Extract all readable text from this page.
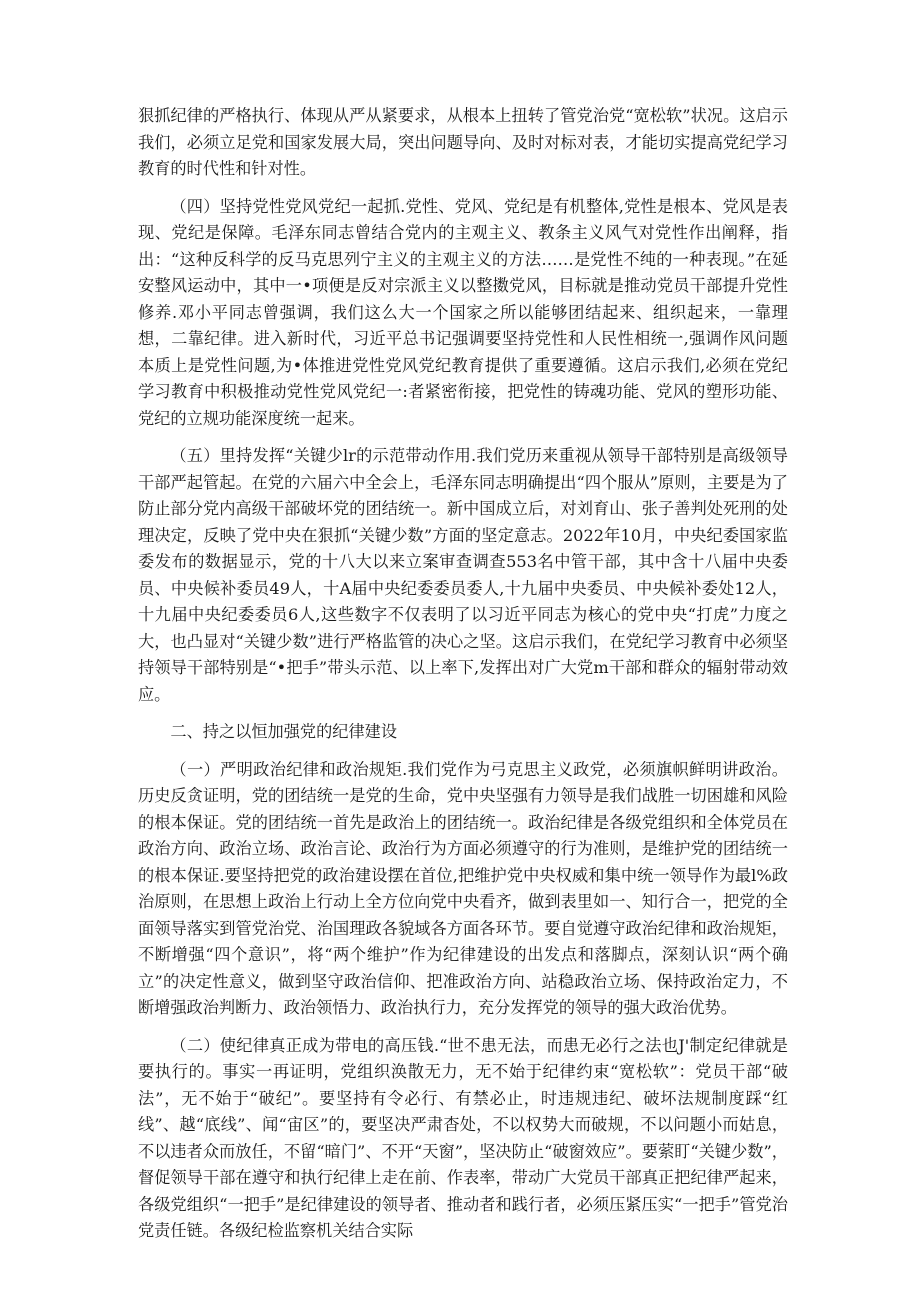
狠抓纪律的严格执行、体现从严从紧要求，从根本上扭转了管党治党“宽松软”状况。这启示我们，必须立足党和国家发展大局，突出问题导向、及时对标对表，才能切实提高党纪学习教育的时代性和针对性。

（四）坚持党性党风党纪一起抓.党性、党风、党纪是有机整体,党性是根本、党风是表现、党纪是保障。毛泽东同志曾结合党内的主观主义、教条主义风气对党性作出阐释，指出：“这种反科学的反马克思列宁主义的主观主义的方法……是党性不纯的一种表现。”在延安整风运动中，其中一•项便是反对宗派主义以整擞党风，目标就是推动党员干部提升党性修养.邓小平同志曾强调，我们这么大一个国家之所以能够团结起来、组织起来，一靠理想，二靠纪律。进入新时代，习近平总书记强调要坚持党性和人民性相统一,强调作风问题本质上是党性问题,为•体推进党性党风党纪教育提供了重要遵循。这启示我们,必须在党纪学习教育中积极推动党性党风党纪一:者紧密衔接，把党性的铸魂功能、党风的塑形功能、党纪的立规功能深度统一起来。

（五）里持发挥“关键少lr的示范带动作用.我们党历来重视从领导干部特别是高级领导干部严起管起。在党的六届六中全会上，毛泽东同志明确提出“四个服从”原则，主要是为了防止部分党内高级干部破坏党的团结统一。新中国成立后，对刘育山、张子善判处死刑的处理决定，反映了党中央在狠抓“关键少数”方面的坚定意志。2022年10月，中央纪委国家监委发布的数据显示，党的十八大以来立案审查调查553名中管干部，其中含十八届中央委员、中央候补委员49人，十A届中央纪委委员委人,十九届中央委员、中央候补委处12人，十九届中央纪委委员6人,这些数字不仅表明了以习近平同志为核心的党中央“打虎”力度之大，也凸显对“关键少数”进行严格监管的决心之坚。这启示我们，在党纪学习教育中必须坚持领导干部特别是“•把手”带头示范、以上率下,发挥出对广大党m干部和群众的辐射带动效应。

二、持之以恒加强党的纪律建设

（一）严明政治纪律和政治规矩.我们党作为弓克思主义政党，必须旗帜鲜明讲政治。历史反贪证明，党的团结统一是党的生命，党中央坚强有力领导是我们战胜一切困雄和风险的根本保证。党的团结统一首先是政治上的团结统一。政治纪律是各级党组织和全体党员在政治方向、政治立场、政治言论、政治行为方面必须遵守的行为准则，是维护党的团结统一的根本保证.要坚持把党的政治建设摆在首位,把维护党中央权威和集中统一领导作为最l%政治原则，在思想上政治上行动上全方位向党中央看齐，做到表里如一、知行合一，把党的全面领导落实到管党治党、治国理政各貌域各方面各环节。要自觉遵守政治纪律和政治规矩，不断增强“四个意识”，将“两个维护”作为纪律建设的出发点和落脚点，深刻认识“两个确立”的决定性意义，做到坚守政治信仰、把准政治方向、站稳政治立场、保持政治定力，不断增强政治判断力、政治领悟力、政治执行力，充分发挥党的领导的强大政治优势。

（二）使纪律真正成为带电的高压钱.“世不患无法，而患无必行之法也J'制定纪律就是要执行的。事实一再证明，党组织涣散无力，无不始于纪律约束“宽松软”：党员干部“破法”，无不始于“破纪”。要坚持有令必行、有禁必止，时违规违纪、破坏法规制度踩“红线”、越“底线”、闻“宙区”的，要坚决严肃杳处，不以权势大而破规，不以问题小而姑息，不以违者众而放任，不留“暗门”、不开“天窗”，坚决防止“破窗效应”。要萦盯“关键少数”，督促领导干部在遵守和执行纪律上走在前、作表率，带动广大党员干部真正把纪律严起来，各级党组织“一把手”是纪律建设的领导者、推动者和践行者，必须压紧压实“一把手”管党治党责任链。各级纪检监察机关结合实际
